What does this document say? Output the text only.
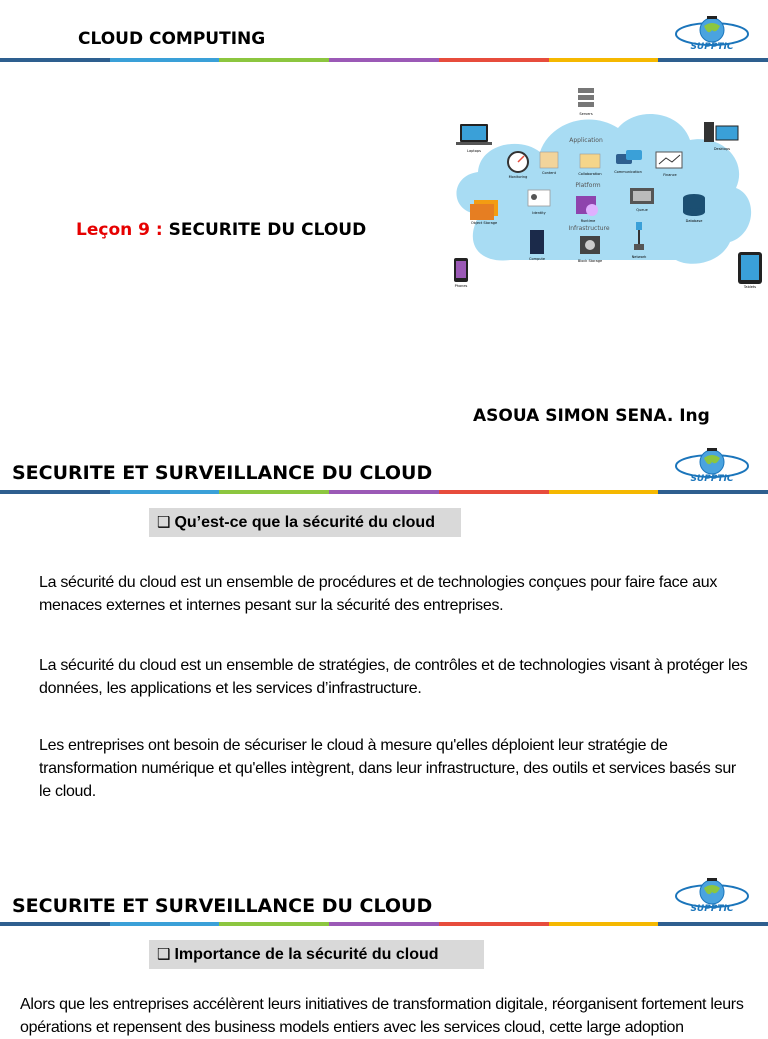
CLOUD COMPUTING	SUPPTIC
Leçon 9 : SECURITE DU CLOUD
Servers
Application
Platform
Infrastructure
Laptops	Desktops
Monitoring
Content	Collaboration	Communication
Finance
Object Storage
Identity
Runtime
Queue
Database
Compute	Block Storage
Network
Phones	Tablets
ASOUA SIMON SENA. Ing
SECURITE ET SURVEILLANCE DU CLOUD	SUPPTIC
❑ Qu’est-ce que la sécurité du cloud
La sécurité du cloud est un ensemble de procédures et de technologies conçues pour faire face aux menaces externes et internes pesant sur la sécurité des entreprises.
La sécurité du cloud est un ensemble de stratégies, de contrôles et de technologies visant à protéger les données, les applications et les services d’infrastructure.
Les entreprises ont besoin de sécuriser le cloud à mesure qu'elles déploient leur stratégie de transformation numérique et qu'elles intègrent, dans leur infrastructure, des outils et services basés sur le cloud.
SECURITE ET SURVEILLANCE DU CLOUD	SUPPTIC
❑ Importance de la sécurité du cloud
Alors que les entreprises accélèrent leurs initiatives de transformation digitale, réorganisent fortement leurs opérations et repensent des business models entiers avec les services cloud, cette large adoption
